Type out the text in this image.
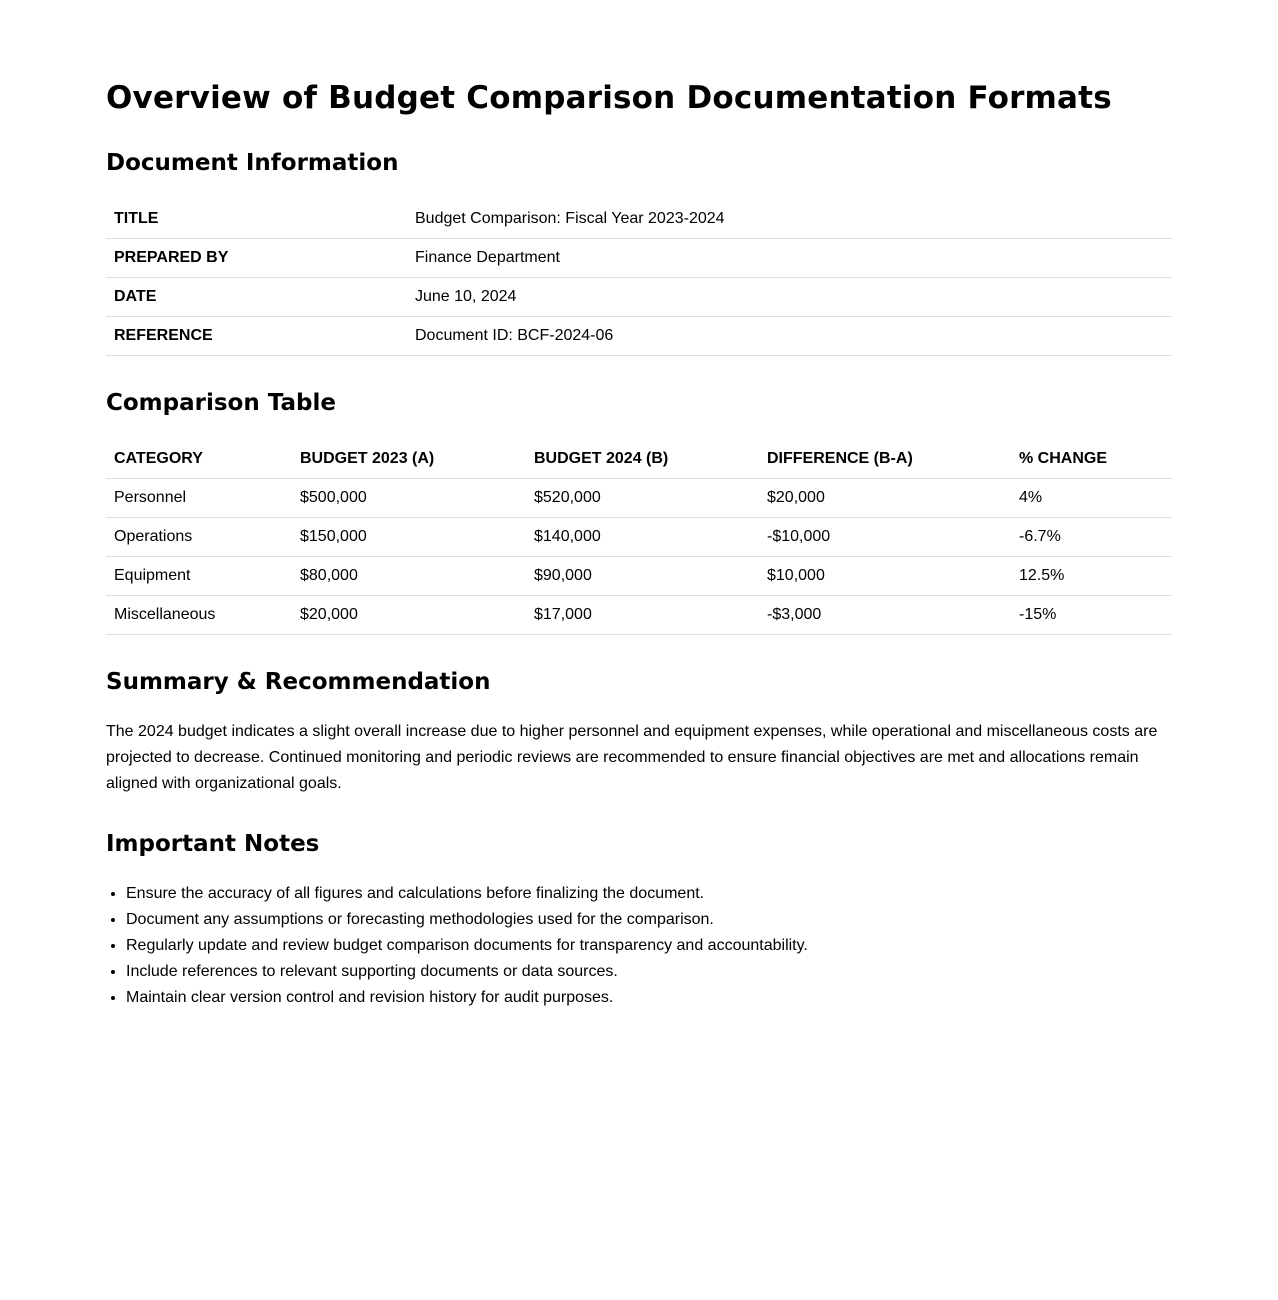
Overview of Budget Comparison Documentation Formats
Document Information
TITLE	Budget Comparison: Fiscal Year 2023-2024
PREPARED BY	Finance Department
DATE	June 10, 2024
REFERENCE	Document ID: BCF-2024-06
Comparison Table
CATEGORY	BUDGET 2023 (A)	BUDGET 2024 (B)	DIFFERENCE (B-A)	% CHANGE
Personnel	$500,000	$520,000	$20,000	4%
Operations	$150,000	$140,000	-$10,000	-6.7%
Equipment	$80,000	$90,000	$10,000	12.5%
Miscellaneous	$20,000	$17,000	-$3,000	-15%
Summary & Recommendation

The 2024 budget indicates a slight overall increase due to higher personnel and equipment expenses, while operational and miscellaneous costs are projected to decrease. Continued monitoring and periodic reviews are recommended to ensure financial objectives are met and allocations remain aligned with organizational goals.

Important Notes
• Ensure the accuracy of all figures and calculations before finalizing the document.
• Document any assumptions or forecasting methodologies used for the comparison.
• Regularly update and review budget comparison documents for transparency and accountability.
• Include references to relevant supporting documents or data sources.
• Maintain clear version control and revision history for audit purposes.
